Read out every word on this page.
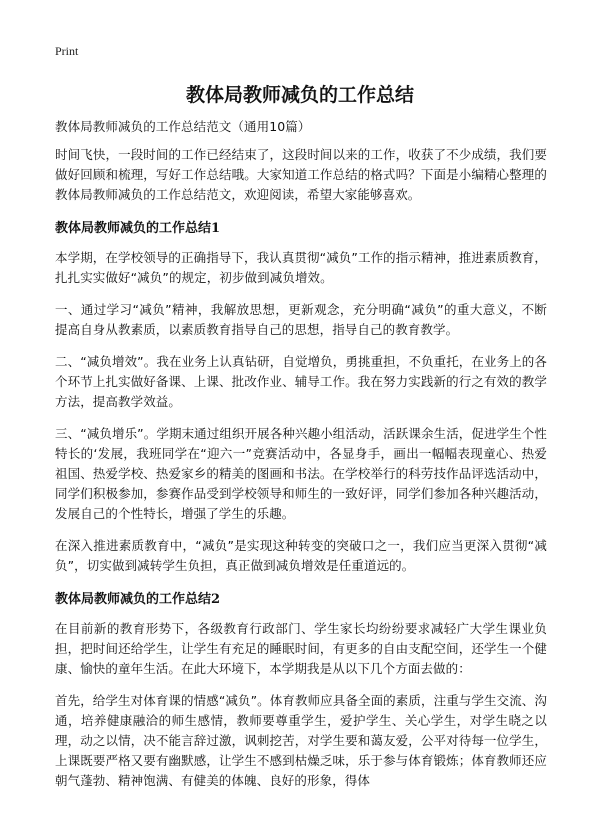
Print
教体局教师减负的工作总结

教体局教师减负的工作总结范文（通用10篇）

时间飞快，一段时间的工作已经结束了，这段时间以来的工作，收获了不少成绩，我们要做好回顾和梳理，写好工作总结哦。大家知道工作总结的格式吗？下面是小编精心整理的教体局教师减负的工作总结范文，欢迎阅读，希望大家能够喜欢。

教体局教师减负的工作总结1

本学期，在学校领导的正确指导下，我认真贯彻“减负”工作的指示精神，推进素质教育，扎扎实实做好“减负”的规定，初步做到减负增效。

一、通过学习“减负”精神，我解放思想，更新观念，充分明确“减负”的重大意义，不断提高自身从教素质，以素质教育指导自己的思想，指导自己的教育教学。

二、“减负增效”。我在业务上认真钻研，自觉增负，勇挑重担，不负重托，在业务上的各个环节上扎实做好备课、上课、批改作业、辅导工作。我在努力实践新的行之有效的教学方法，提高教学效益。

三、“减负增乐”。学期末通过组织开展各种兴趣小组活动，活跃课余生活，促进学生个性特长的‘发展，我班同学在“迎六一”竞赛活动中，各显身手，画出一幅幅表现童心、热爱祖国、热爱学校、热爱家乡的精美的图画和书法。在学校举行的科劳技作品评选活动中，同学们积极参加，参赛作品受到学校领导和师生的一致好评，同学们参加各种兴趣活动，发展自己的个性特长，增强了学生的乐趣。

在深入推进素质教育中，“减负”是实现这种转变的突破口之一，我们应当更深入贯彻“减负”，切实做到减转学生负担，真正做到减负增效是任重道远的。

教体局教师减负的工作总结2

在目前新的教育形势下，各级教育行政部门、学生家长均纷纷要求减轻广大学生课业负担，把时间还给学生，让学生有充足的睡眠时间，有更多的自由支配空间，还学生一个健康、愉快的童年生活。在此大环境下，本学期我是从以下几个方面去做的：

首先，给学生对体育课的情感“减负”。体育教师应具备全面的素质，注重与学生交流、沟通，培养健康融洽的师生感情，教师要尊重学生，爱护学生、关心学生，对学生晓之以理，动之以情，决不能言辞过激，讽刺挖苦，对学生要和蔼友爱，公平对待每一位学生，上课既要严格又要有幽默感，让学生不感到枯燥乏味，乐于参与体育锻炼；体育教师还应朝气蓬勃、精神饱满、有健美的体魄、良好的形象，得体
